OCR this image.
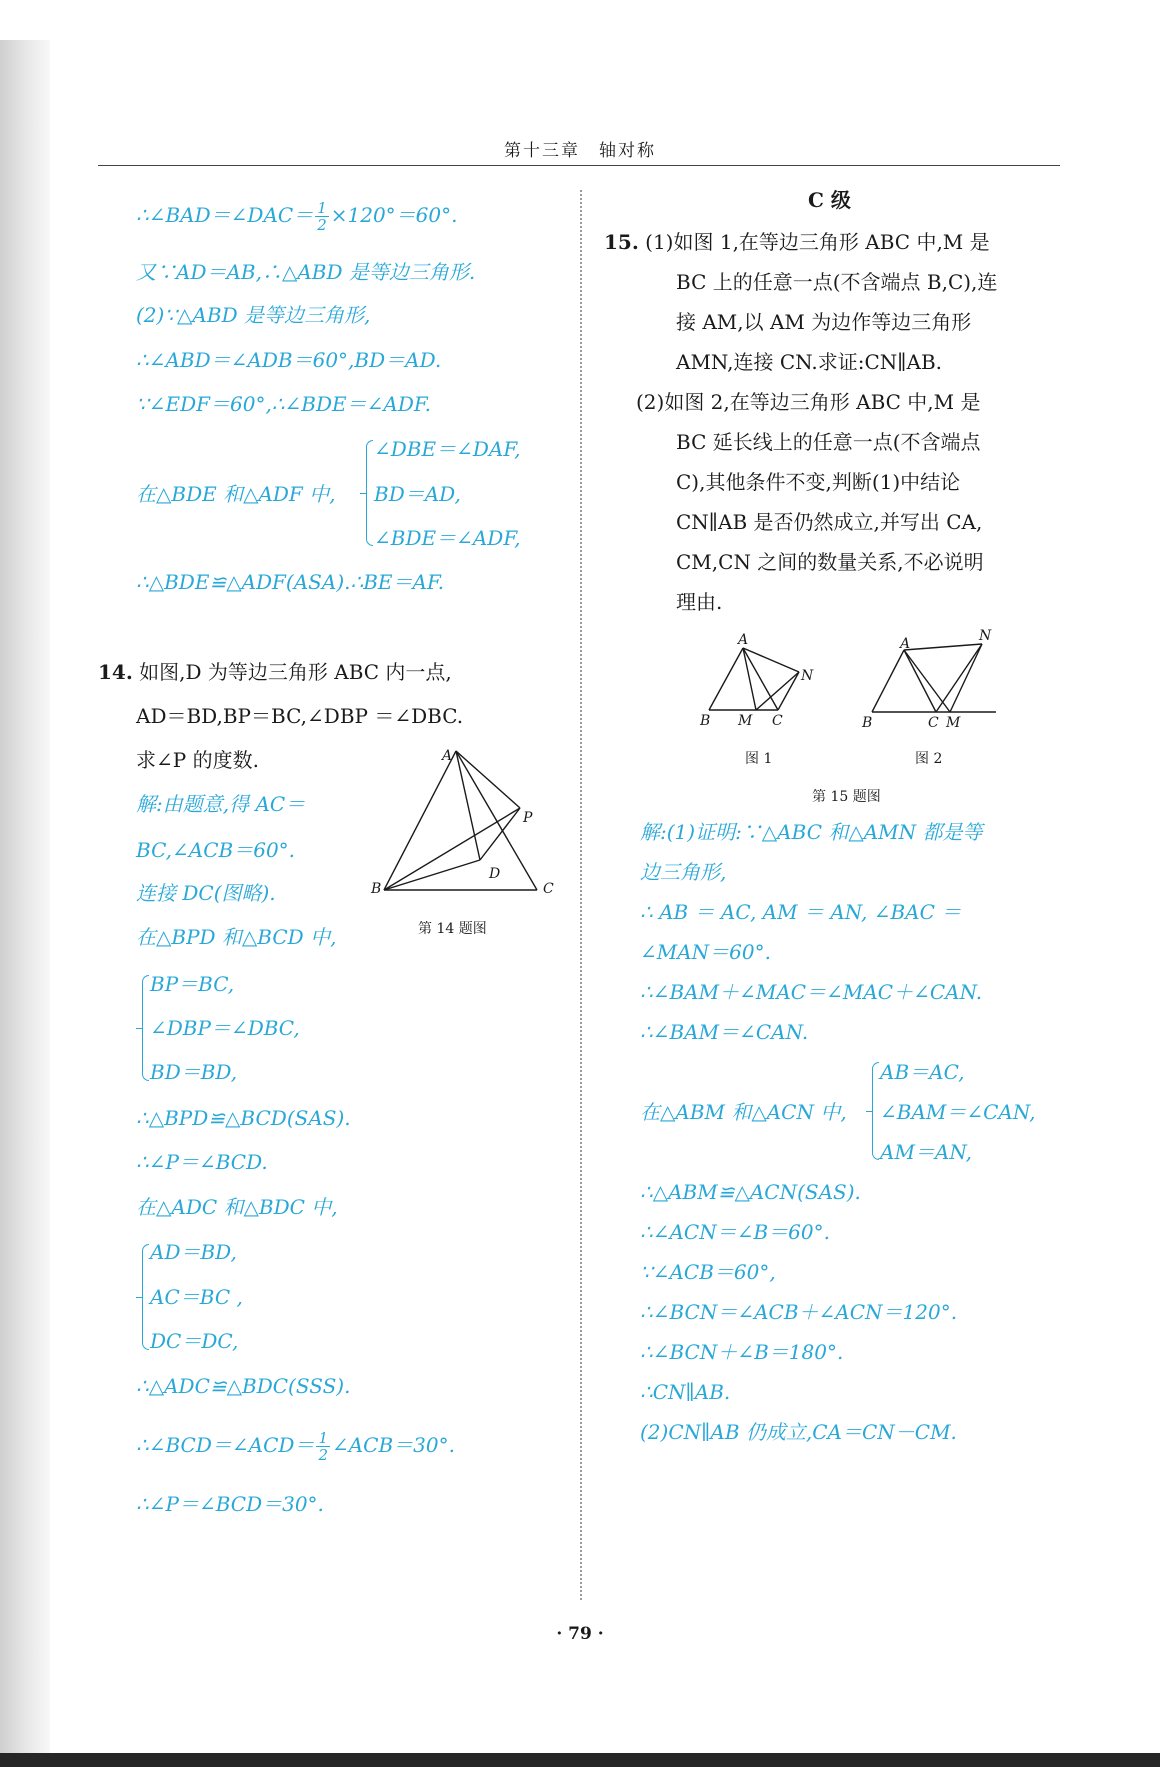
第十三章　轴对称
∴∠BAD＝∠DAC＝ $\frac{1}{2} \times 120^\circ=60^\circ$.
又∵AD＝AB,∴△ABD 是等边三角形.
(2)∵△ABD 是等边三角形,
∴∠ABD＝∠ADB＝60°,BD＝AD.
∵∠EDF＝60°,∴∠BDE＝∠ADF.
在△BDE 和△ADF 中,
∠DBE＝∠DAF,
BD＝AD,
∠BDE＝∠ADF,
∴△BDE≌△ADF(ASA).∴BE＝AF.
14. 如图,D 为等边三角形 ABC 内一点,
AD＝BD,BP＝BC,∠DBP ＝∠DBC.
求∠P 的度数.	A
P
B
D
C
第 14 题图
解:由题意,得 AC＝
BC,∠ACB＝60°.
连接 DC(图略).
在△BPD 和△BCD 中,
BP＝BC,
∠DBP＝∠DBC,
BD＝BD,
∴△BPD≌△BCD(SAS).
∴∠P＝∠BCD.
在△ADC 和△BDC 中,
AD＝BD,
AC＝BC ,
DC＝DC,
∴△ADC≌△BDC(SSS).
∴∠BCD＝∠ACD＝ $\frac{1}{2}$ ∠ACB＝30°.
∴∠P＝∠BCD＝30°.
C 级
15. (1)如图 1,在等边三角形 ABC 中,M 是
BC 上的任意一点(不含端点 B,C),连
接 AM,以 AM 为边作等边三角形
AMN,连接 CN.求证:CN∥AB.
(2)如图 2,在等边三角形 ABC 中,M 是
BC 延长线上的任意一点(不含端点
C),其他条件不变,判断(1)中结论
CN∥AB 是否仍然成立,并写出 CA,
CM,CN 之间的数量关系,不必说明
理由.
A
N
B M C
图 1
A	N
B	C M
图 2
第 15 题图
解:(1)证明:∵△ABC 和△AMN 都是等
边三角形,
∴ AB ＝ AC, AM ＝ AN, ∠BAC ＝
∠MAN＝60°.
∴∠BAM＋∠MAC＝∠MAC＋∠CAN.
∴∠BAM＝∠CAN.
在△ABM 和△ACN 中,
AB＝AC,
∠BAM＝∠CAN,
AM＝AN,
∴△ABM≌△ACN(SAS).
∴∠ACN＝∠B＝60°.
∵∠ACB＝60°,
∴∠BCN＝∠ACB＋∠ACN＝120°.
∴∠BCN＋∠B＝180°.
∴CN∥AB.
(2)CN∥AB 仍成立,CA＝CN－CM.
· 79 ·
